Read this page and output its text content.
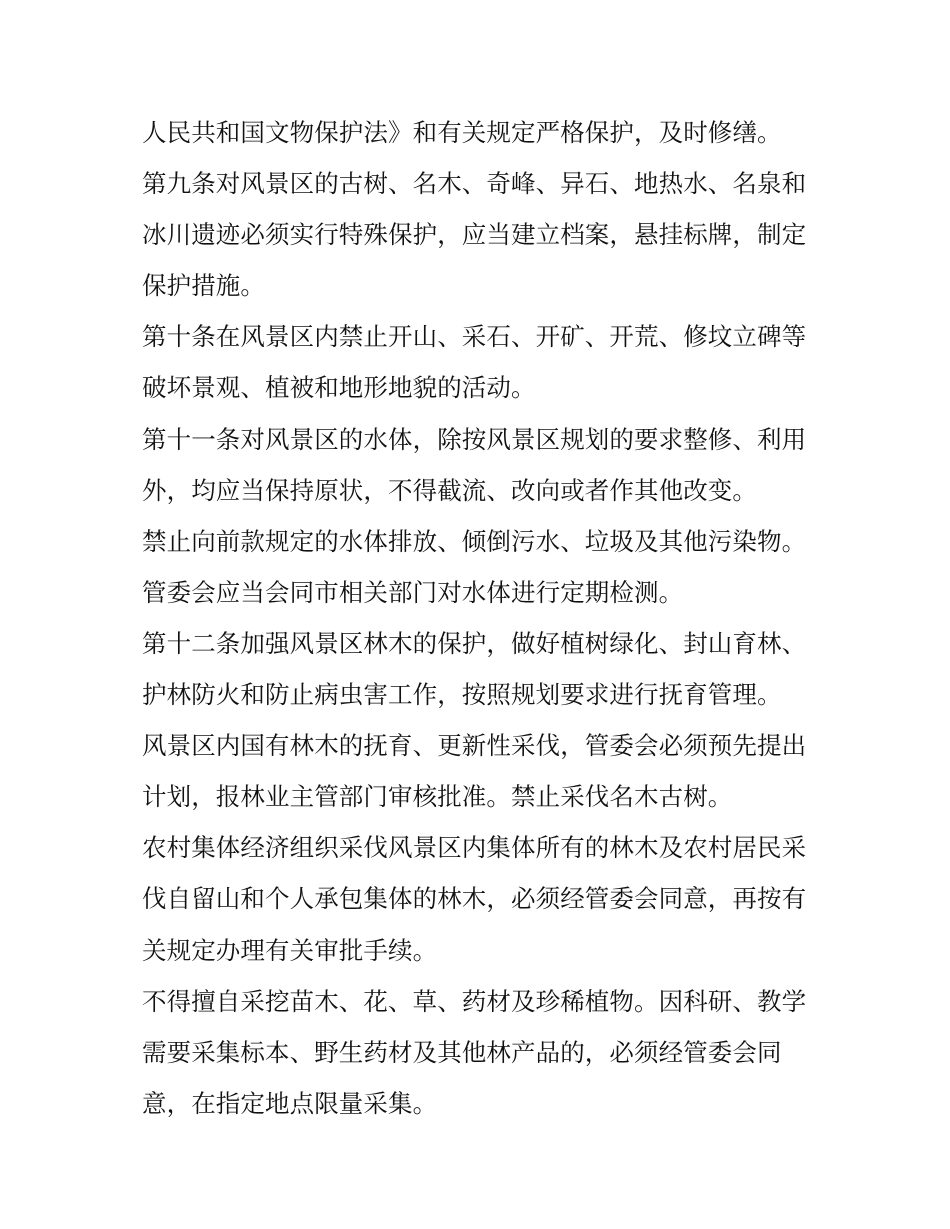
人民共和国文物保护法》和有关规定严格保护，及时修缮。

第九条对风景区的古树、名木、奇峰、异石、地热水、名泉和
冰川遗迹必须实行特殊保护，应当建立档案，悬挂标牌，制定
保护措施。

第十条在风景区内禁止开山、采石、开矿、开荒、修坟立碑等
破坏景观、植被和地形地貌的活动。

第十一条对风景区的水体，除按风景区规划的要求整修、利用
外，均应当保持原状，不得截流、改向或者作其他改变。

禁止向前款规定的水体排放、倾倒污水、垃圾及其他污染物。

管委会应当会同市相关部门对水体进行定期检测。

第十二条加强风景区林木的保护，做好植树绿化、封山育林、
护林防火和防止病虫害工作，按照规划要求进行抚育管理。

风景区内国有林木的抚育、更新性采伐，管委会必须预先提出
计划，报林业主管部门审核批准。禁止采伐名木古树。

农村集体经济组织采伐风景区内集体所有的林木及农村居民采
伐自留山和个人承包集体的林木，必须经管委会同意，再按有
关规定办理有关审批手续。

不得擅自采挖苗木、花、草、药材及珍稀植物。因科研、教学
需要采集标本、野生药材及其他林产品的，必须经管委会同
意，在指定地点限量采集。
